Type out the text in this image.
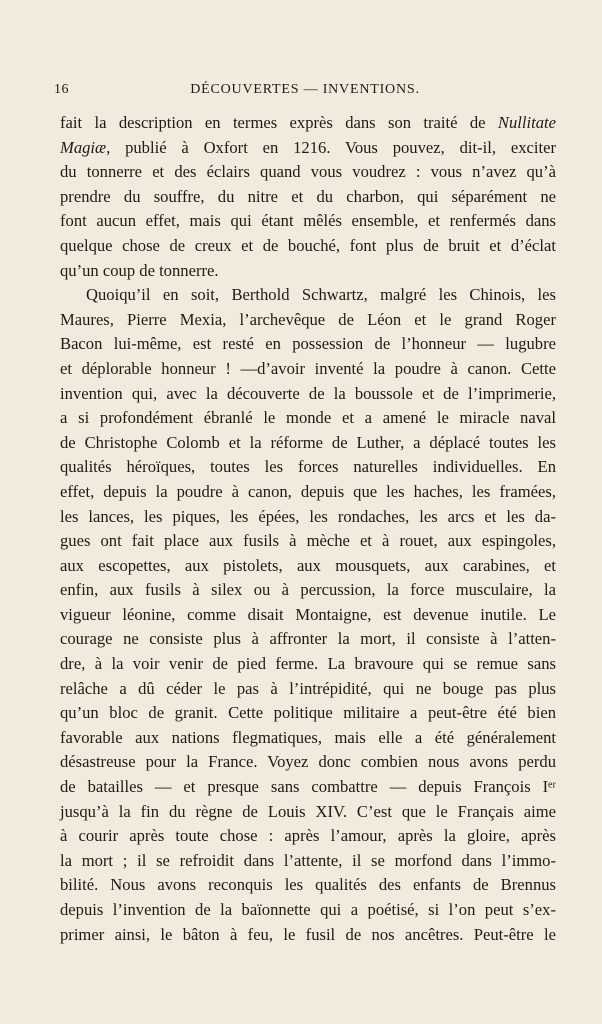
16	DÉCOUVERTES — INVENTIONS.
fait la description en termes exprès dans son traité de Nullitate
Magiæ, publié à Oxfort en 1216. Vous pouvez, dit-il, exciter
du tonnerre et des éclairs quand vous voudrez : vous n’avez qu’à
prendre du souffre, du nitre et du charbon, qui séparément ne
font aucun effet, mais qui étant mêlés ensemble, et renfermés dans
quelque chose de creux et de bouché, font plus de bruit et d’éclat
qu’un coup de tonnerre.
Quoiqu’il en soit, Berthold Schwartz, malgré les Chinois, les
Maures, Pierre Mexia, l’archevêque de Léon et le grand Roger
Bacon lui-même, est resté en possession de l’honneur — lugubre
et déplorable honneur ! —d’avoir inventé la poudre à canon. Cette
invention qui, avec la découverte de la boussole et de l’imprimerie,
a si profondément ébranlé le monde et a amené le miracle naval
de Christophe Colomb et la réforme de Luther, a déplacé toutes les
qualités héroïques, toutes les forces naturelles individuelles. En
effet, depuis la poudre à canon, depuis que les haches, les framées,
les lances, les piques, les épées, les rondaches, les arcs et les da-
gues ont fait place aux fusils à mèche et à rouet, aux espingoles,
aux escopettes, aux pistolets, aux mousquets, aux carabines, et
enfin, aux fusils à silex ou à percussion, la force musculaire, la
vigueur léonine, comme disait Montaigne, est devenue inutile. Le
courage ne consiste plus à affronter la mort, il consiste à l’atten-
dre, à la voir venir de pied ferme. La bravoure qui se remue sans
relâche a dû céder le pas à l’intrépidité, qui ne bouge pas plus
qu’un bloc de granit. Cette politique militaire a peut-être été bien
favorable aux nations flegmatiques, mais elle a été généralement
désastreuse pour la France. Voyez donc combien nous avons perdu
de batailles — et presque sans combattre — depuis François Iᵉʳ
jusqu’à la fin du règne de Louis XIV. C’est que le Français aime
à courir après toute chose : après l’amour, après la gloire, après
la mort ; il se refroidit dans l’attente, il se morfond dans l’immo-
bilité. Nous avons reconquis les qualités des enfants de Brennus
depuis l’invention de la baïonnette qui a poétisé, si l’on peut s’ex-
primer ainsi, le bâton à feu, le fusil de nos ancêtres. Peut-être le
